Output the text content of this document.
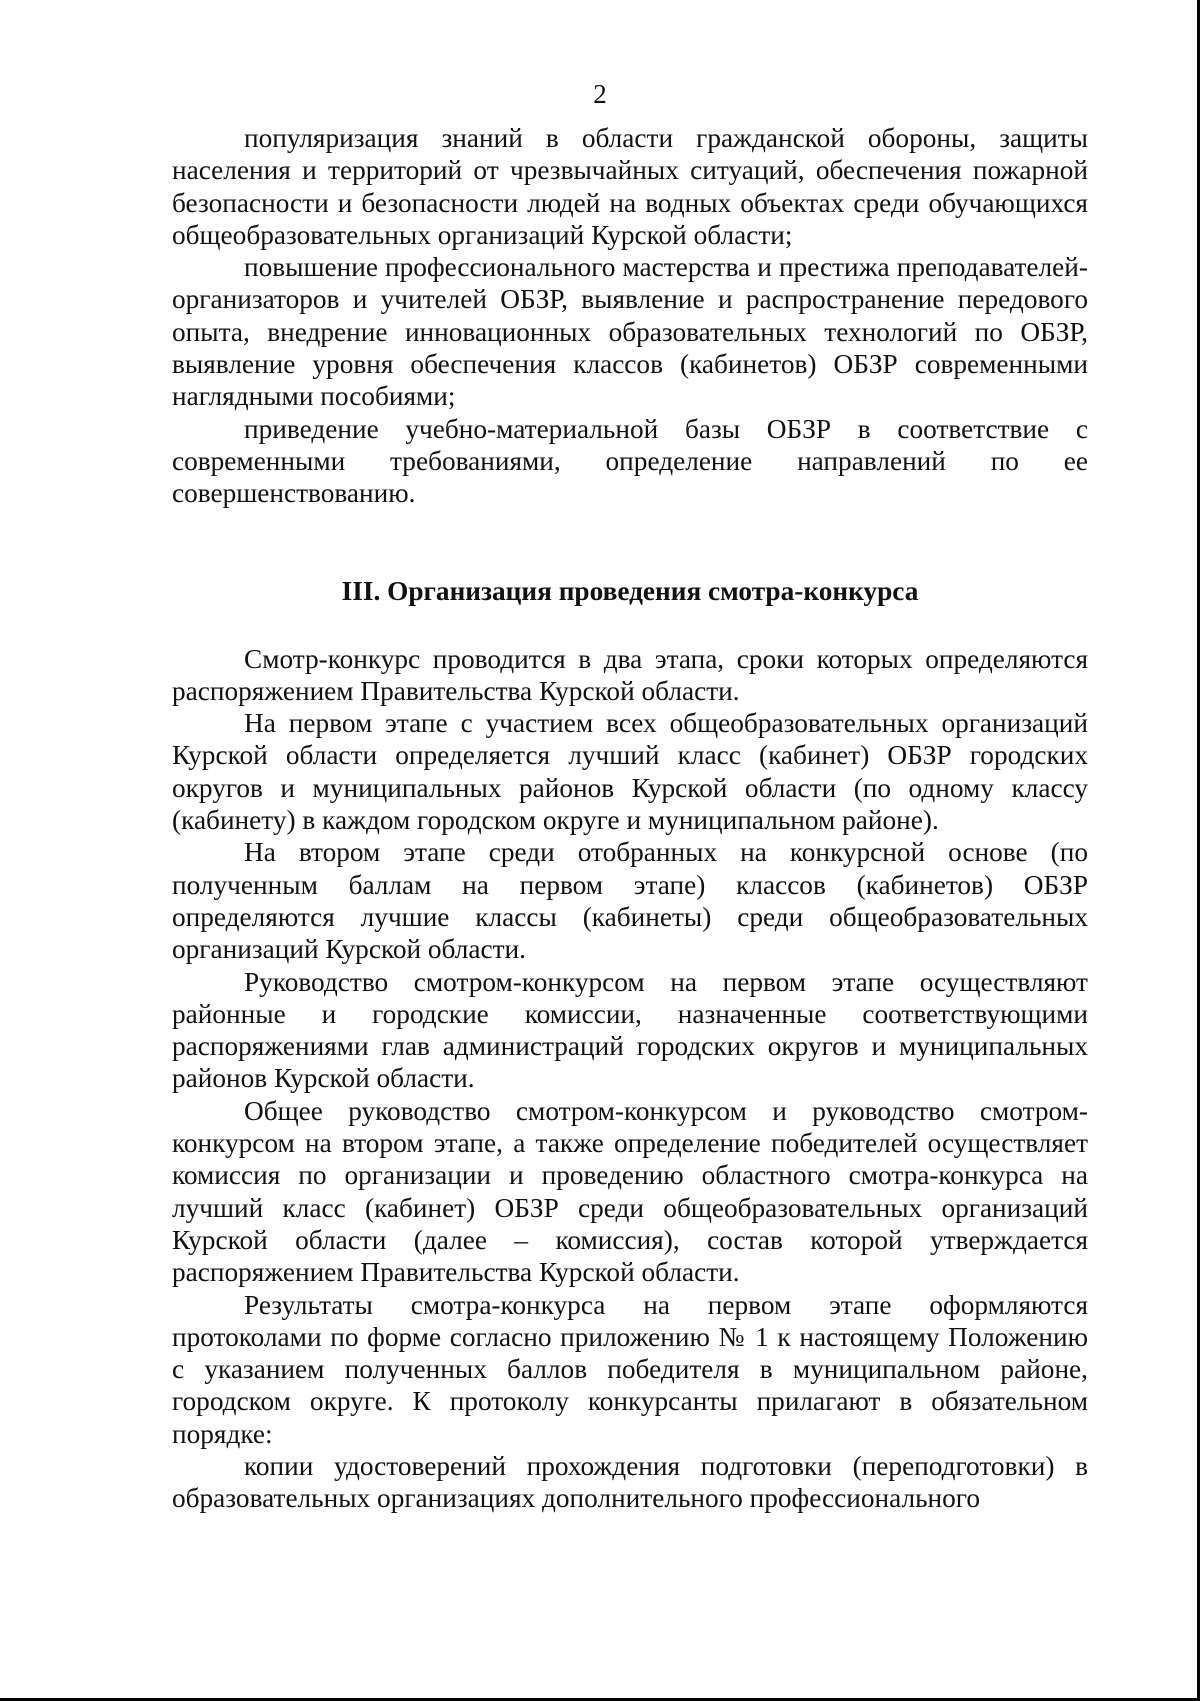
2

популяризация знаний в области гражданской обороны, защиты населения и территорий от чрезвычайных ситуаций, обеспечения пожарной безопасности и безопасности людей на водных объектах среди обучающихся общеобразовательных организаций Курской области;

повышение профессионального мастерства и престижа преподавателей-организаторов и учителей ОБЗР, выявление и распространение передового опыта, внедрение инновационных образовательных технологий по ОБЗР, выявление уровня обеспечения классов (кабинетов) ОБЗР современными наглядными пособиями;

приведение учебно-материальной базы ОБЗР в соответствие с современными требованиями, определение направлений по ее совершенствованию.

III. Организация проведения смотра-конкурса

Смотр-конкурс проводится в два этапа, сроки которых определяются распоряжением Правительства Курской области.

На первом этапе с участием всех общеобразовательных организаций Курской области определяется лучший класс (кабинет) ОБЗР городских округов и муниципальных районов Курской области (по одному классу (кабинету) в каждом городском округе и муниципальном районе).

На втором этапе среди отобранных на конкурсной основе (по полученным баллам на первом этапе) классов (кабинетов) ОБЗР определяются лучшие классы (кабинеты) среди общеобразовательных организаций Курской области.

Руководство смотром-конкурсом на первом этапе осуществляют районные и городские комиссии, назначенные соответствующими распоряжениями глав администраций городских округов и муниципальных районов Курской области.

Общее руководство смотром-конкурсом и руководство смотром-конкурсом на втором этапе, а также определение победителей осуществляет комиссия по организации и проведению областного смотра-конкурса на лучший класс (кабинет) ОБЗР среди общеобразовательных организаций Курской области (далее – комиссия), состав которой утверждается распоряжением Правительства Курской области.

Результаты смотра-конкурса на первом этапе оформляются протоколами по форме согласно приложению № 1 к настоящему Положению с указанием полученных баллов победителя в муниципальном районе, городском округе. К протоколу конкурсанты прилагают в обязательном порядке:

копии удостоверений прохождения подготовки (переподготовки) в образовательных организациях дополнительного профессионального
